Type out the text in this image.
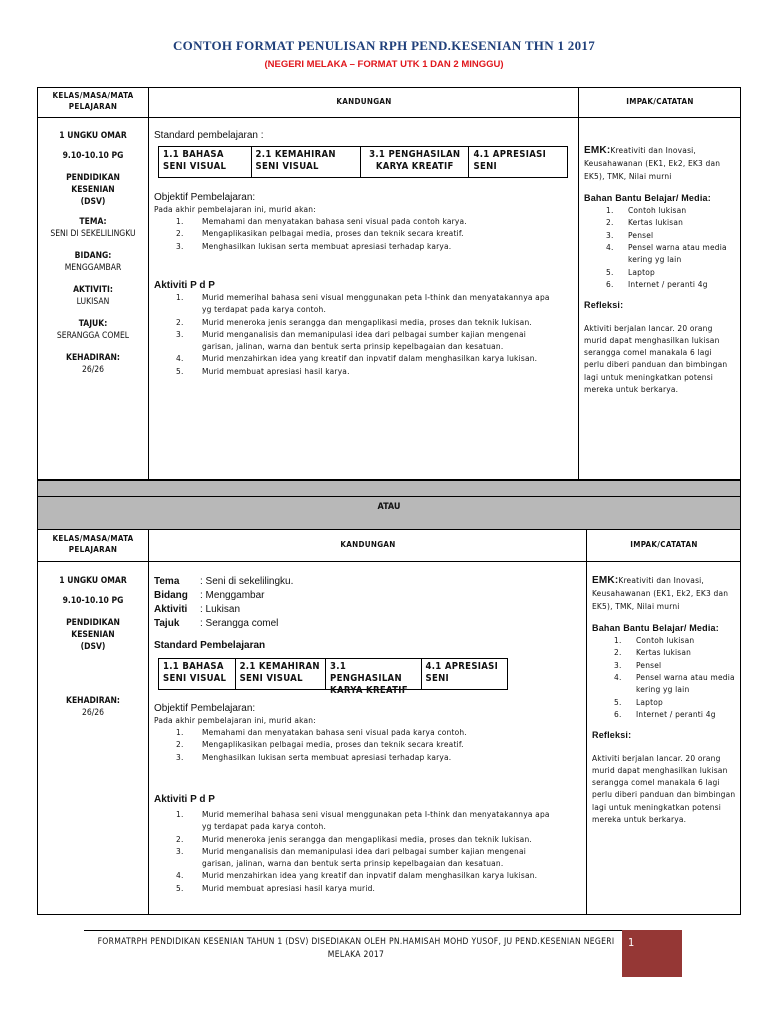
CONTOH FORMAT PENULISAN RPH PEND.KESENIAN THN 1 2017
(NEGERI MELAKA – FORMAT UTK 1 DAN 2 MINGGU)
KELAS/MASA/MATA PELAJARAN
KANDUNGAN	IMPAK/CATATAN
1 UNGKU OMAR
9.10-10.10 PG
PENDIDIKAN
KESENIAN
(DSV)
TEMA:
SENI DI SEKELILINGKU
BIDANG:
MENGGAMBAR
AKTIVITI:
LUKISAN
TAJUK:
SERANGGA COMEL
KEHADIRAN:
26/26
Standard pembelajaran :
1.1 BAHASA SENI VISUAL
2.1 KEMAHIRAN SENI VISUAL
3.1 PENGHASILAN KARYA KREATIF
4.1 APRESIASI SENI
Objektif Pembelajaran:
Pada akhir pembelajaran ini, murid akan:
1. Memahami dan menyatakan bahasa seni visual pada contoh karya.
2. Mengaplikasikan pelbagai media, proses dan teknik secara kreatif.
3. Menghasilkan lukisan serta membuat apresiasi terhadap karya.
Aktiviti P d P
1. Murid memerihal bahasa seni visual menggunakan peta I-think dan menyatakannya apa yg terdapat pada karya contoh.
2. Murid meneroka jenis serangga dan mengaplikasi media, proses dan teknik lukisan.
3. Murid menganalisis dan memanipulasi idea dari pelbagai sumber kajian mengenai garisan, jalinan, warna dan bentuk serta prinsip kepelbagaian dan kesatuan.
4. Murid menzahirkan idea yang kreatif dan inpvatif dalam menghasilkan karya lukisan.
5. Murid membuat apresiasi hasil karya.
EMK:Kreativiti dan Inovasi, Keusahawanan (EK1, Ek2, EK3 dan EK5), TMK, Nilai murni
Bahan Bantu Belajar/ Media:
1. Contoh lukisan
2. Kertas lukisan
3. Pensel
4. Pensel warna atau media kering yg lain
5. Laptop
6. Internet / peranti 4g
Refleksi:
Aktiviti berjalan lancar. 20 orang murid dapat menghasilkan lukisan serangga comel manakala 6 lagi perlu diberi panduan dan bimbingan lagi untuk meningkatkan potensi mereka untuk berkarya.
ATAU
KELAS/MASA/MATA PELAJARAN
KANDUNGAN	IMPAK/CATATAN
1 UNGKU OMAR
9.10-10.10 PG
PENDIDIKAN
KESENIAN
(DSV)
KEHADIRAN:
26/26
Tema : Seni di sekelilingku.
Bidang : Menggambar
Aktiviti : Lukisan
Tajuk : Serangga comel
Standard Pembelajaran
1.1 BAHASA SENI VISUAL
2.1 KEMAHIRAN SENI VISUAL
3.1 PENGHASILAN KARYA KREATIF
4.1 APRESIASI SENI
Objektif Pembelajaran:
Pada akhir pembelajaran ini, murid akan:
1. Memahami dan menyatakan bahasa seni visual pada karya contoh.
2. Mengaplikasikan pelbagai media, proses dan teknik secara kreatif.
3. Menghasilkan lukisan serta membuat apresiasi terhadap karya.
Aktiviti P d P
1. Murid memerihal bahasa seni visual menggunakan peta I-think dan menyatakannya apa yg terdapat pada karya contoh.
2. Murid meneroka jenis serangga dan mengaplikasi media, proses dan teknik lukisan.
3. Murid menganalisis dan memanipulasi idea dari pelbagai sumber kajian mengenai garisan, jalinan, warna dan bentuk serta prinsip kepelbagaian dan kesatuan.
4. Murid menzahirkan idea yang kreatif dan inpvatif dalam menghasilkan karya lukisan.
5. Murid membuat apresiasi hasil karya murid.
EMK:Kreativiti dan Inovasi, Keusahawanan (EK1, Ek2, EK3 dan EK5), TMK, Nilai murni
Bahan Bantu Belajar/ Media:
1. Contoh lukisan
2. Kertas lukisan
3. Pensel
4. Pensel warna atau media kering yg lain
5. Laptop
6. Internet / peranti 4g
Refleksi:
Aktiviti berjalan lancar. 20 orang murid dapat menghasilkan lukisan serangga comel manakala 6 lagi perlu diberi panduan dan bimbingan lagi untuk meningkatkan potensi mereka untuk berkarya.
FORMATRPH PENDIDIKAN KESENIAN TAHUN 1 (DSV) DISEDIAKAN OLEH PN.HAMISAH MOHD YUSOF, JU PEND.KESENIAN NEGERI MELAKA 2017
1
